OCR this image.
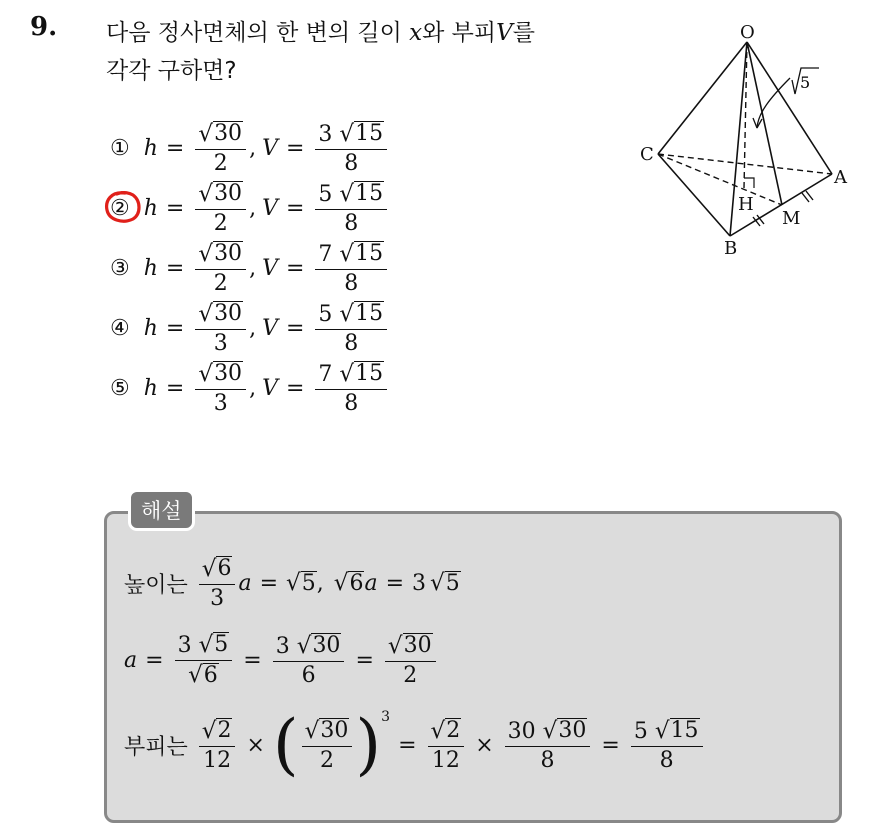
9. 다음 정사면체의 한 변의 길이 x와 부피V를
각각 구하면?
① $h = \frac{√ 30}{2}$ , $V = \frac{3 √ 15}{8}$
② $h = \frac{√ 30}{2}$ , $V = \frac{5 √ 15}{8}$
③ $h = \frac{√ 30}{2}$ , $V = \frac{7 √ 15}{8}$
④ $h = \frac{√ 30}{3}$ , $V = \frac{5 √ 15}{8}$
⑤ $h = \frac{√ 30}{3}$ , $V = \frac{7 √ 15}{8}$
5
O
C
A
B
H
M
해설
높이는 $\frac{√ 6}{3}$ a = √ 5 , √ 6 a = 3 √ 5
$a = \frac{3 √ 5}{√ 6} = \frac{3 √ 30}{6} = \frac{√ 30}{2}$
부피는 $\frac{√ 2}{12}$ × ( $\frac{√ 30}{2}$ ) 3
= $\frac{√ 2}{12} \times \frac{30 √ 30}{8} = \frac{5 √ 15}{8}$
